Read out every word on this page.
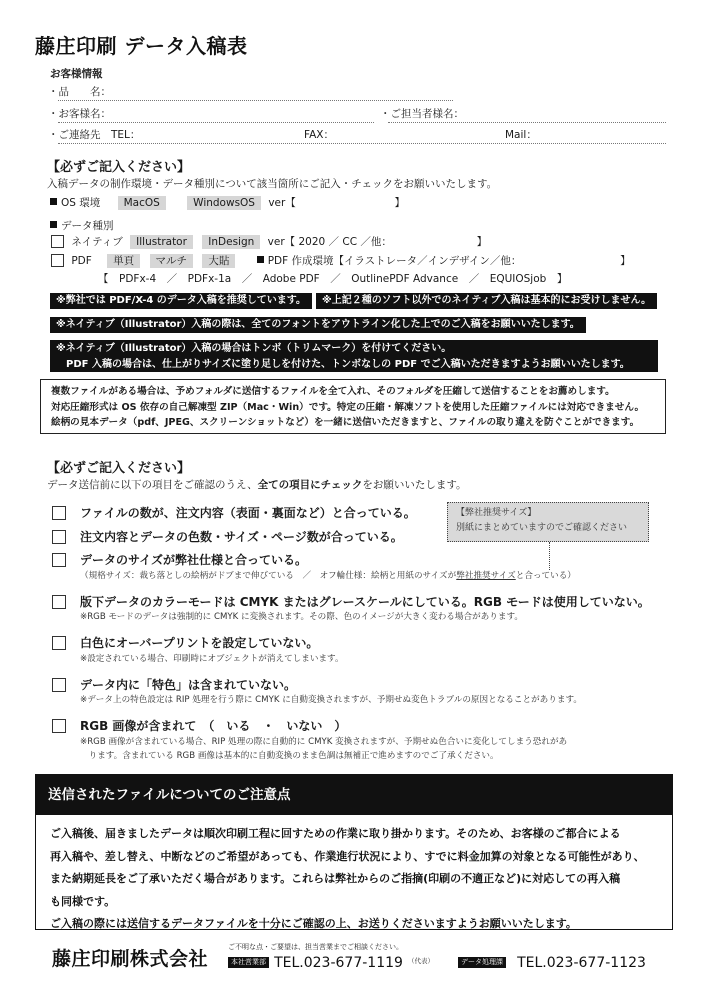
藤庄印刷 データ入稿表
お客様情報
・品　　名：
・お客様名：	・ご担当者様名：
・ご連絡先　TEL：	FAX：	Mail：
【必ずご記入ください】
入稿データの制作環境・データ種別について該当箇所にご記入・チェックをお願いいたします。
OS 環境 MacOS	WindowsOS ver【	】
データ種別
ネイティブ Illustrator InDesign ver【 2020 ／ CC ／他：	】
PDF 単頁 マルチ 大貼	PDF 作成環境【イラストレータ／インデザイン／他：	】
【　PDFx-4　／　PDFx-1a　／　Adobe PDF　／　OutlinePDF Advance　／　EQUIOSjob　】
※弊社では PDF/X-4 のデータ入稿を推奨しています。	※上記２種のソフト以外でのネイティブ入稿は基本的にお受けしません。
※ネイティブ（Illustrator）入稿の際は、全てのフォントをアウトライン化した上でのご入稿をお願いいたします。
※ネイティブ（Illustrator）入稿の場合はトンボ（トリムマーク）を付けてください。
　PDF 入稿の場合は、仕上がりサイズに塗り足しを付けた、トンボなしの PDF でご入稿いただきますようお願いいたします。
複数ファイルがある場合は、予めフォルダに送信するファイルを全て入れ、そのフォルダを圧縮して送信することをお薦めします。
対応圧縮形式は OS 依存の自己解凍型 ZIP（Mac・Win）です。特定の圧縮・解凍ソフトを使用した圧縮ファイルには対応できません。
絵柄の見本データ（pdf、JPEG、スクリーンショットなど）を一緒に送信いただきますと、ファイルの取り違えを防ぐことができます。
【必ずご記入ください】
データ送信前に以下の項目をご確認のうえ、全ての項目にチェックをお願いいたします。
ファイルの数が、注文内容（表面・裏面など）と合っている。
注文内容とデータの色数・サイズ・ページ数が合っている。
データのサイズが弊社仕様と合っている。
（規格サイズ：裁ち落としの絵柄がドブまで伸びている　／　オフ輪仕様：絵柄と用紙のサイズが弊社推奨サイズと合っている）
【弊社推奨サイズ】
別紙にまとめていますのでご確認ください
版下データのカラーモードは CMYK またはグレースケールにしている。RGB モードは使用していない。
※RGB モードのデータは強制的に CMYK に変換されます。その際、色のイメージが大きく変わる場合があります。
白色にオーバープリントを設定していない。
※設定されている場合、印刷時にオブジェクトが消えてしまいます。
データ内に「特色」は含まれていない。
※データ上の特色設定は RIP 処理を行う際に CMYK に自動変換されますが、予期せぬ変色トラブルの原因となることがあります。
RGB 画像が含まれて　（　いる　・　いない　）
※RGB 画像が含まれている場合、RIP 処理の際に自動的に CMYK 変換されますが、予期せぬ色合いに変化してしまう恐れがあ
　ります。含まれている RGB 画像は基本的に自動変換のまま色調は無補正で進めますのでご了承ください。
送信されたファイルについてのご注意点
ご入稿後、届きましたデータは順次印刷工程に回すための作業に取り掛かります。そのため、お客様のご都合による
再入稿や、差し替え、中断などのご希望があっても、作業進行状況により、すでに料金加算の対象となる可能性があり、
また納期延長をご了承いただく場合があります。これらは弊社からのご指摘(印刷の不適正など)に対応しての再入稿
も同様です。
ご入稿の際には送信するデータファイルを十分にご確認の上、お送りくださいますようお願いいたします。
藤庄印刷株式会社
ご不明な点・ご要望は、担当営業までご相談ください。
本社営業部 TEL.023-677-1119 $^{(代表)}$	データ処理課 TEL.023-677-1123
